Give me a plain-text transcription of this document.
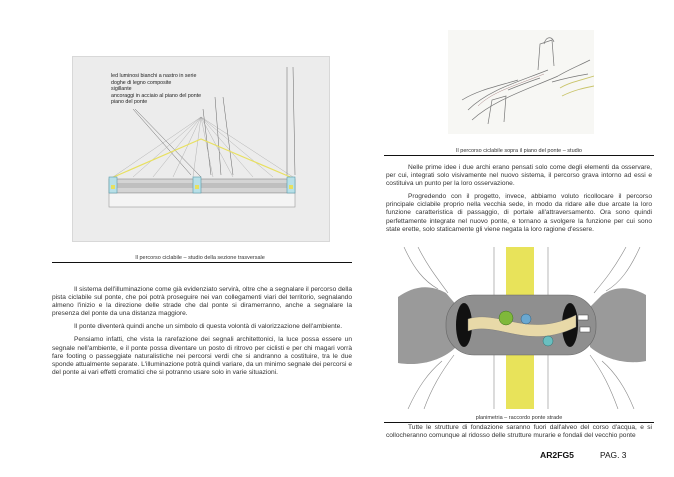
led luminosi bianchi a nastro in serie
doghe di legno composite
sigillante
ancoraggi in acciaio al piano del ponte
piano del ponte
Il percorso ciclabile – studio della sezione trasversale

Il sistema dell'illuminazione come già evidenziato servirà, oltre che a segnalare il percorso della pista ciclabile sul ponte, che poi potrà proseguire nei van collegamenti viari del territorio, segnalando almeno l'inizio e la direzione delle strade che dal ponte si diramerranno, anche a segnalare la presenza del ponte da una distanza maggiore.

Il ponte diventerà quindi anche un simbolo di questa volontà di valorizzazione dell'ambiente.

Pensiamo infatti, che vista la rarefazione dei segnali architettonici, la luce possa essere un segnale nell'ambiente, e il ponte possa diventare un posto di ritrovo per ciclisti e per chi magari vorrà fare footing o passeggiate naturalistiche nei percorsi verdi che si andranno a costituire, tra le due sponde attualmente separate. L'illuminazione potrà quindi variare, da un minimo segnale dei percorsi e del ponte ai vari effetti cromatici che si potranno usare solo in varie situazioni.

Il percorso ciclabile sopra il piano del ponte – studio

Nelle prime idee i due archi erano pensati solo come degli elementi da osservare, per cui, integrati solo visivamente nel nuovo sistema, il percorso grava intorno ad essi e costituiva un punto per la loro osservazione.

Progredendo con il progetto, invece, abbiamo voluto ricollocare il percorso principale ciclabile proprio nella vecchia sede, in modo da ridare alle due arcate la loro funzione caratteristica di passaggio, di portale all'attraversamento. Ora sono quindi perfettamente integrate nel nuovo ponte, e tornano a svolgere la funzione per cui sono state erette, solo staticamente gli viene negata la loro ragione d'essere.

planimetria – raccordo ponte strade
Tutte le strutture di fondazione saranno fuori dall'alveo del corso d'acqua, e si collocheranno comunque al ridosso delle strutture murarie e fondali del vecchio ponte
AR2FG5	PAG. 3
